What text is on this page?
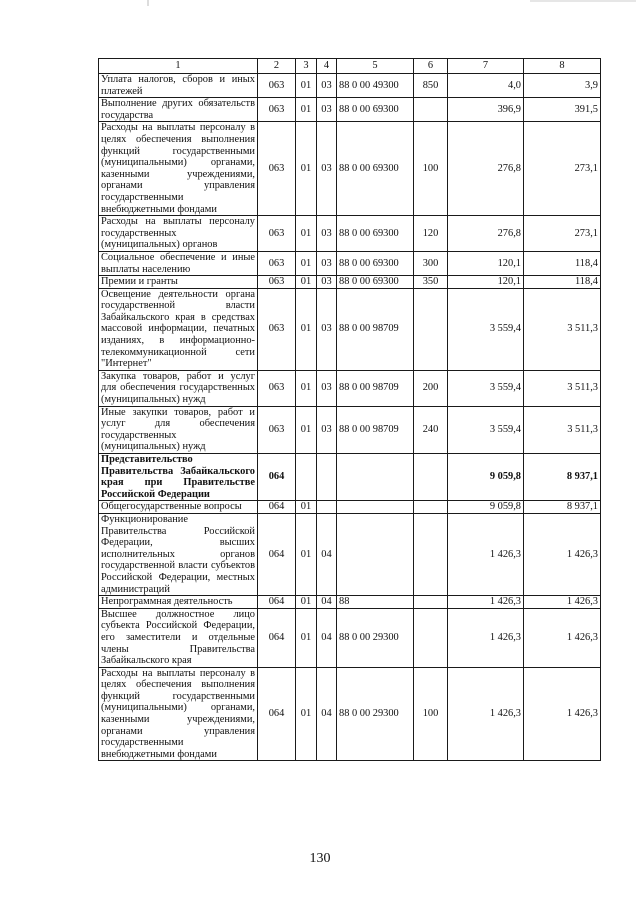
1	2	3	4	5	6	7	8
Уплата налогов, сборов и иных платежей	063	01	03	88 0 00 49300	850	4,0	3,9
Выполнение других обязательств государства	063	01	03	88 0 00 69300		396,9	391,5
Расходы на выплаты персоналу в целях обеспечения выполнения функций государственными (муниципальными) органами, казенными учреждениями, органами управления государственными внебюджетными фондами	063	01	03	88 0 00 69300	100	276,8	273,1
Расходы на выплаты персоналу государственных (муниципальных) органов	063	01	03	88 0 00 69300	120	276,8	273,1
Социальное обеспечение и иные выплаты населению	063	01	03	88 0 00 69300	300	120,1	118,4
Премии и гранты	063	01	03	88 0 00 69300	350	120,1	118,4
Освещение деятельности органа государственной власти Забайкальского края в средствах массовой информации, печатных изданиях, в информационно-телекоммуникационной сети "Интернет"	063	01	03	88 0 00 98709		3 559,4	3 511,3
Закупка товаров, работ и услуг для обеспечения государственных (муниципальных) нужд	063	01	03	88 0 00 98709	200	3 559,4	3 511,3
Иные закупки товаров, работ и услуг для обеспечения государственных (муниципальных) нужд	063	01	03	88 0 00 98709	240	3 559,4	3 511,3
Представительство Правительства Забайкальского края при Правительстве Российской Федерации	064					9 059,8	8 937,1
Общегосударственные вопросы	064	01				9 059,8	8 937,1
Функционирование Правительства Российской Федерации, высших исполнительных органов государственной власти субъектов Российской Федерации, местных администраций	064	01	04			1 426,3	1 426,3
Непрограммная деятельность	064	01	04	88		1 426,3	1 426,3
Высшее должностное лицо субъекта Российской Федерации, его заместители и отдельные члены Правительства Забайкальского края	064	01	04	88 0 00 29300		1 426,3	1 426,3
Расходы на выплаты персоналу в целях обеспечения выполнения функций государственными (муниципальными) органами, казенными учреждениями, органами управления государственными внебюджетными фондами	064	01	04	88 0 00 29300	100	1 426,3	1 426,3
130
